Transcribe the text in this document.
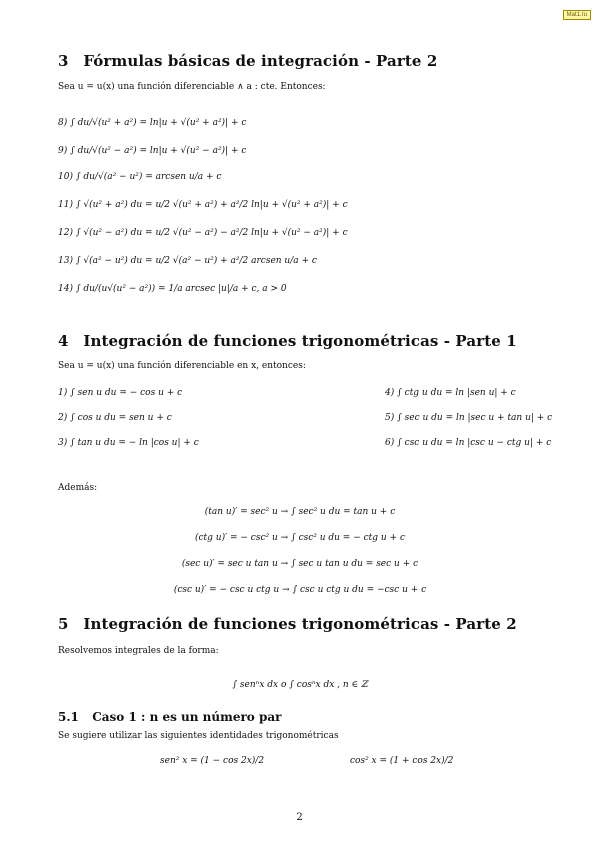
Mat1.ru
3 Fórmulas básicas de integración - Parte 2
Sea u = u(x) una función diferenciable ∧ a : cte. Entonces:
8) ∫ du/√(u² + a²) = ln|u + √(u² + a²)| + c
9) ∫ du/√(u² − a²) = ln|u + √(u² − a²)| + c
10) ∫ du/√(a² − u²) = arcsen u/a + c
11) ∫ √(u² + a²) du = u/2 √(u² + a²) + a²/2 ln|u + √(u² + a²)| + c
12) ∫ √(u² − a²) du = u/2 √(u² − a²) − a²/2 ln|u + √(u² − a²)| + c
13) ∫ √(a² − u²) du = u/2 √(a² − u²) + a²/2 arcsen u/a + c
14) ∫ du/(u√(u² − a²)) = 1/a arcsec |u|/a + c, a > 0
4 Integración de funciones trigonométricas - Parte 1
Sea u = u(x) una función diferenciable en x, entonces:
1) ∫ sen u du = − cos u + c
2) ∫ cos u du = sen u + c
3) ∫ tan u du = − ln |cos u| + c
4) ∫ ctg u du = ln |sen u| + c
5) ∫ sec u du = ln |sec u + tan u| + c
6) ∫ csc u du = ln |csc u − ctg u| + c
Además:
(tan u)′ = sec² u → ∫ sec² u du = tan u + c
(ctg u)′ = − csc² u → ∫ csc² u du = − ctg u + c
(sec u)′ = sec u tan u → ∫ sec u tan u du = sec u + c
(csc u)′ = − csc u ctg u → ∫ csc u ctg u du = −csc u + c
5 Integración de funciones trigonométricas - Parte 2
Resolvemos integrales de la forma:
∫ senⁿx dx o ∫ cosⁿx dx , n ∈ ℤ
5.1 Caso 1 : n es un número par
Se sugiere utilizar las siguientes identidades trigonométricas
sen² x = (1 − cos 2x)/2	cos² x = (1 + cos 2x)/2
2
